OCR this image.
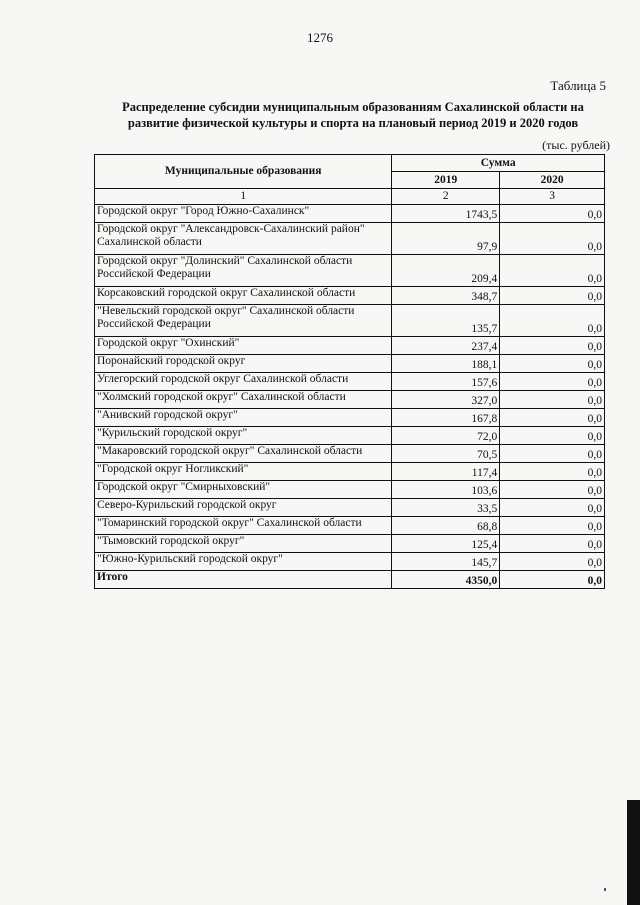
1276
Таблица 5
Распределение субсидии муниципальным образованиям Сахалинской области на
развитие физической культуры и спорта на плановый период 2019 и 2020 годов
(тыс. рублей)
Муниципальные образования	Сумма	
	2019	2020
1	2	3
Городской округ "Город Южно-Сахалинск"	1743,5	0,0
Городской округ "Александровск-Сахалинский район" Сахалинской области	97,9	0,0
Городской округ "Долинский" Сахалинской области Российской Федерации	209,4	0,0
Корсаковский городской округ Сахалинской области	348,7	0,0
"Невельский городской округ" Сахалинской области Российской Федерации	135,7	0,0
Городской округ "Охинский"	237,4	0,0
Поронайский городской округ	188,1	0,0
Углегорский городской округ Сахалинской области	157,6	0,0
"Холмский городской округ" Сахалинской области	327,0	0,0
"Анивский городской округ"	167,8	0,0
"Курильский городской округ"	72,0	0,0
"Макаровский городской округ" Сахалинской области	70,5	0,0
"Городской округ Ногликский"	117,4	0,0
Городской округ "Смирныховский"	103,6	0,0
Северо-Курильский городской округ	33,5	0,0
"Томаринский городской округ" Сахалинской области	68,8	0,0
"Тымовский городской округ"	125,4	0,0
"Южно-Курильский городской округ"	145,7	0,0
Итого	4350,0	0,0
